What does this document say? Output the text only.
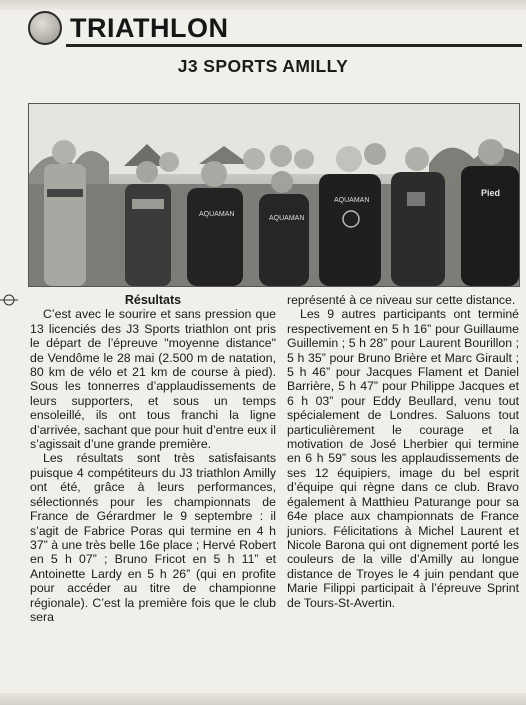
TRIATHLON
J3 SPORTS AMILLY
AQUAMAN
AQUAMAN
AQUAMAN
Pied

Résultats

C’est avec le sourire et sans pression que 13 licenciés des J3 Sports triathlon ont pris le départ de l’épreuve "moyenne distance" de Vendôme le 28 mai (2.500 m de natation, 80 km de vélo et 21 km de course à pied). Sous les tonnerres d’applaudissements de leurs supporters, et sous un temps ensoleillé, ils ont tous franchi la ligne d’arrivée, sachant que pour huit d’entre eux il s’agissait d’une grande première.

Les résultats sont très satisfaisants puisque 4 compétiteurs du J3 triathlon Amilly ont été, grâce à leurs performances, sélectionnés pour les championnats de France de Gérardmer le 9 septembre : il s’agit de Fabrice Poras qui termine en 4 h 37” à une très belle 16e place ; Hervé Robert en 5 h 07” ; Bruno Fricot en 5 h 11” et Antoinette Lardy en 5 h 26” (qui en profite pour accéder au titre de championne régionale). C’est la première fois que le club sera

représenté à ce niveau sur cette distance.

Les 9 autres participants ont terminé respectivement en 5 h 16” pour Guillaume Guillemin ; 5 h 28” pour Laurent Bourillon ; 5 h 35” pour Bruno Brière et Marc Girault ; 5 h 46” pour Jacques Flament et Daniel Barrière, 5 h 47” pour Philippe Jacques et 6 h 03” pour Eddy Beullard, venu tout spécialement de Londres. Saluons tout particulièrement le courage et la motivation de José Lherbier qui termine en 6 h 59” sous les applaudissements de ses 12 équipiers, image du bel esprit d’équipe qui règne dans ce club. Bravo également à Matthieu Paturange pour sa 64e place aux championnats de France juniors. Félicitations à Michel Laurent et Nicole Barona qui ont dignement porté les couleurs de la ville d’Amilly au longue distance de Troyes le 4 juin pendant que Marie Filippi participait à l’épreuve Sprint de Tours-St-Avertin.
